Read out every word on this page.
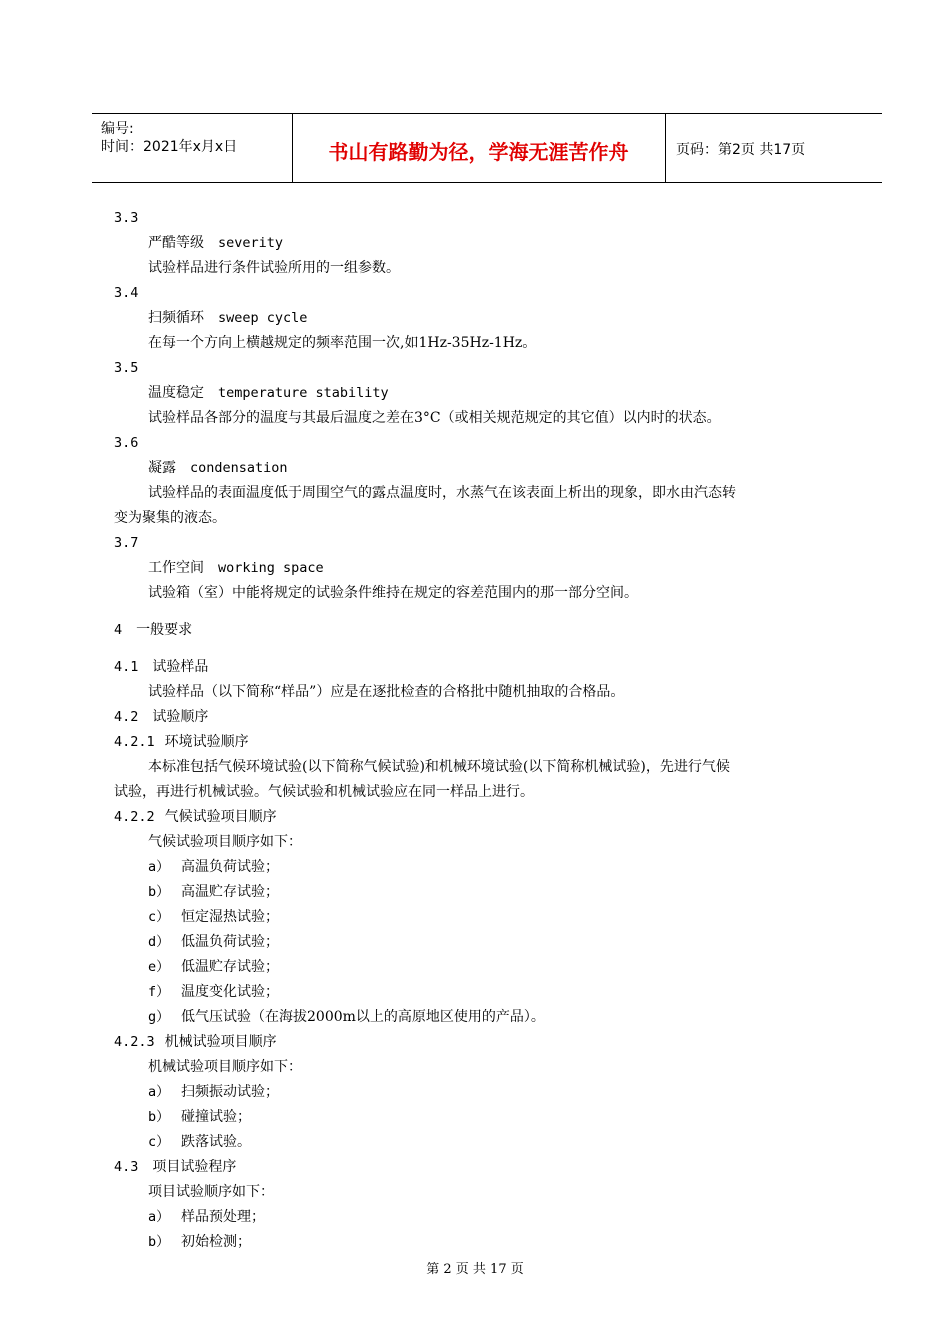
编号:
时间：2021年x月x日	书山有路勤为径，学海无涯苦作舟	页码：第2页 共17页
3.3
严酷等级 severity
试验样品进行条件试验所用的一组参数。
3.4
扫频循环 sweep cycle
在每一个方向上横越规定的频率范围一次,如1Hz-35Hz-1Hz。
3.5
温度稳定 temperature stability
试验样品各部分的温度与其最后温度之差在3°C（或相关规范规定的其它值）以内时的状态。
3.6
凝露 condensation
试验样品的表面温度低于周围空气的露点温度时，水蒸气在该表面上析出的现象，即水由汽态转
变为聚集的液态。
3.7
工作空间 working space
试验箱（室）中能将规定的试验条件维持在规定的容差范围内的那一部分空间。
4 一般要求
4.1 试验样品
试验样品（以下简称“样品”）应是在逐批检查的合格批中随机抽取的合格品。
4.2 试验顺序
4.2.1 环境试验顺序
本标准包括气候环境试验(以下简称气候试验)和机械环境试验(以下简称机械试验)，先进行气候
试验，再进行机械试验。气候试验和机械试验应在同一样品上进行。
4.2.2 气候试验项目顺序
气候试验项目顺序如下：
a） 高温负荷试验；
b） 高温贮存试验；
c） 恒定湿热试验；
d） 低温负荷试验；
e） 低温贮存试验；
f） 温度变化试验；
g） 低气压试验（在海拔2000m以上的高原地区使用的产品）。
4.2.3 机械试验项目顺序
机械试验项目顺序如下：
a） 扫频振动试验；
b） 碰撞试验；
c） 跌落试验。
4.3 项目试验程序
项目试验顺序如下：
a） 样品预处理；
b） 初始检测；
第 2 页 共 17 页
